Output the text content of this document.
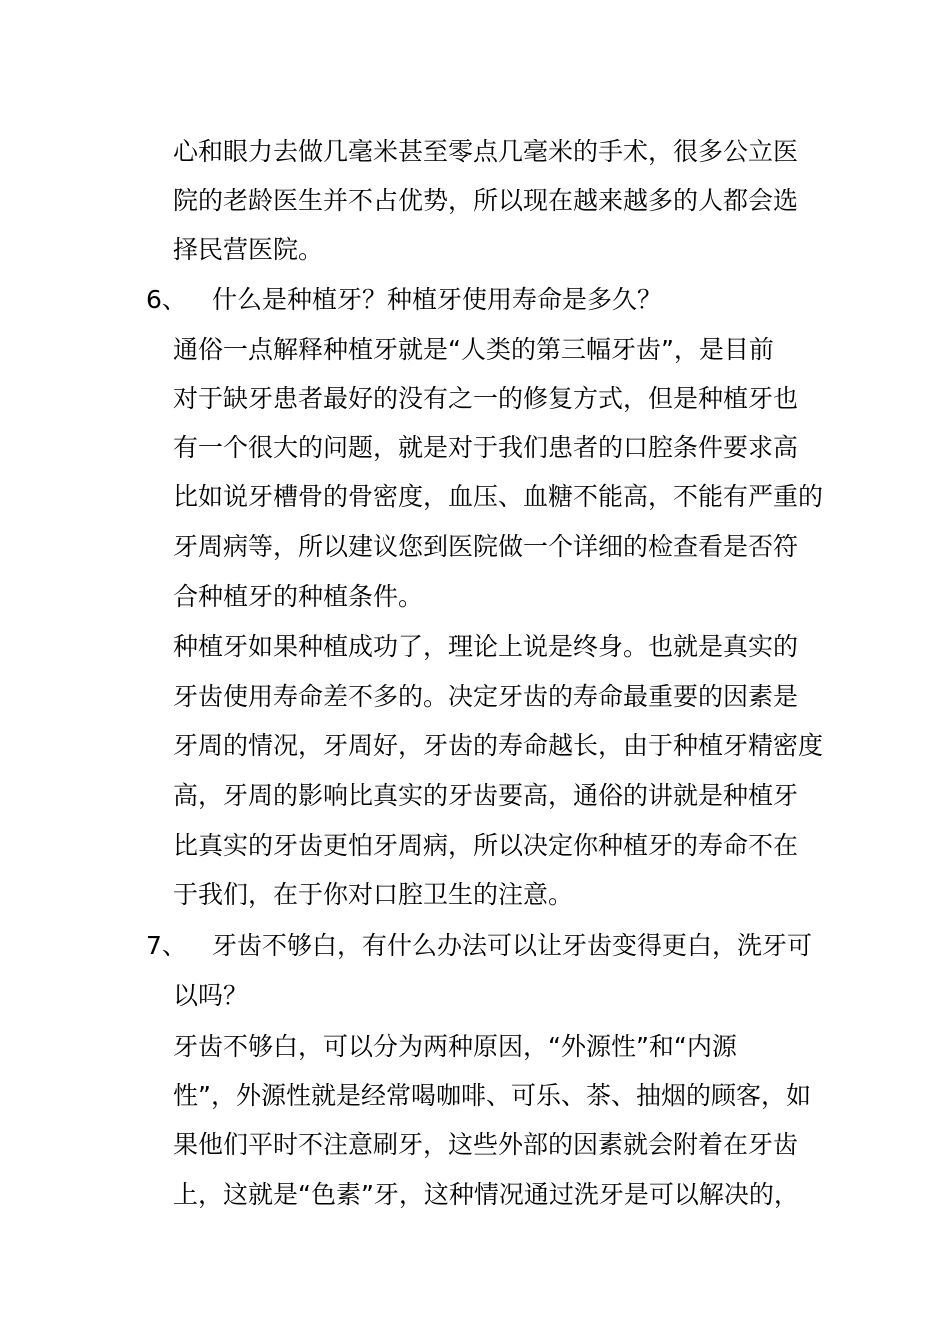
心和眼力去做几毫米甚至零点几毫米的手术，很多公立医
院的老龄医生并不占优势，所以现在越来越多的人都会选
择民营医院。
6、 什么是种植牙？种植牙使用寿命是多久？
通俗一点解释种植牙就是“人类的第三幅牙齿”，是目前
对于缺牙患者最好的没有之一的修复方式，但是种植牙也
有一个很大的问题，就是对于我们患者的口腔条件要求高
比如说牙槽骨的骨密度，血压、血糖不能高，不能有严重的
牙周病等，所以建议您到医院做一个详细的检查看是否符
合种植牙的种植条件。
种植牙如果种植成功了，理论上说是终身。也就是真实的
牙齿使用寿命差不多的。决定牙齿的寿命最重要的因素是
牙周的情况，牙周好，牙齿的寿命越长，由于种植牙精密度
高，牙周的影响比真实的牙齿要高，通俗的讲就是种植牙
比真实的牙齿更怕牙周病，所以决定你种植牙的寿命不在
于我们，在于你对口腔卫生的注意。
7、 牙齿不够白，有什么办法可以让牙齿变得更白，洗牙可
以吗？
牙齿不够白，可以分为两种原因，“外源性”和“内源
性”，外源性就是经常喝咖啡、可乐、茶、抽烟的顾客，如
果他们平时不注意刷牙，这些外部的因素就会附着在牙齿
上，这就是“色素”牙，这种情况通过洗牙是可以解决的，
